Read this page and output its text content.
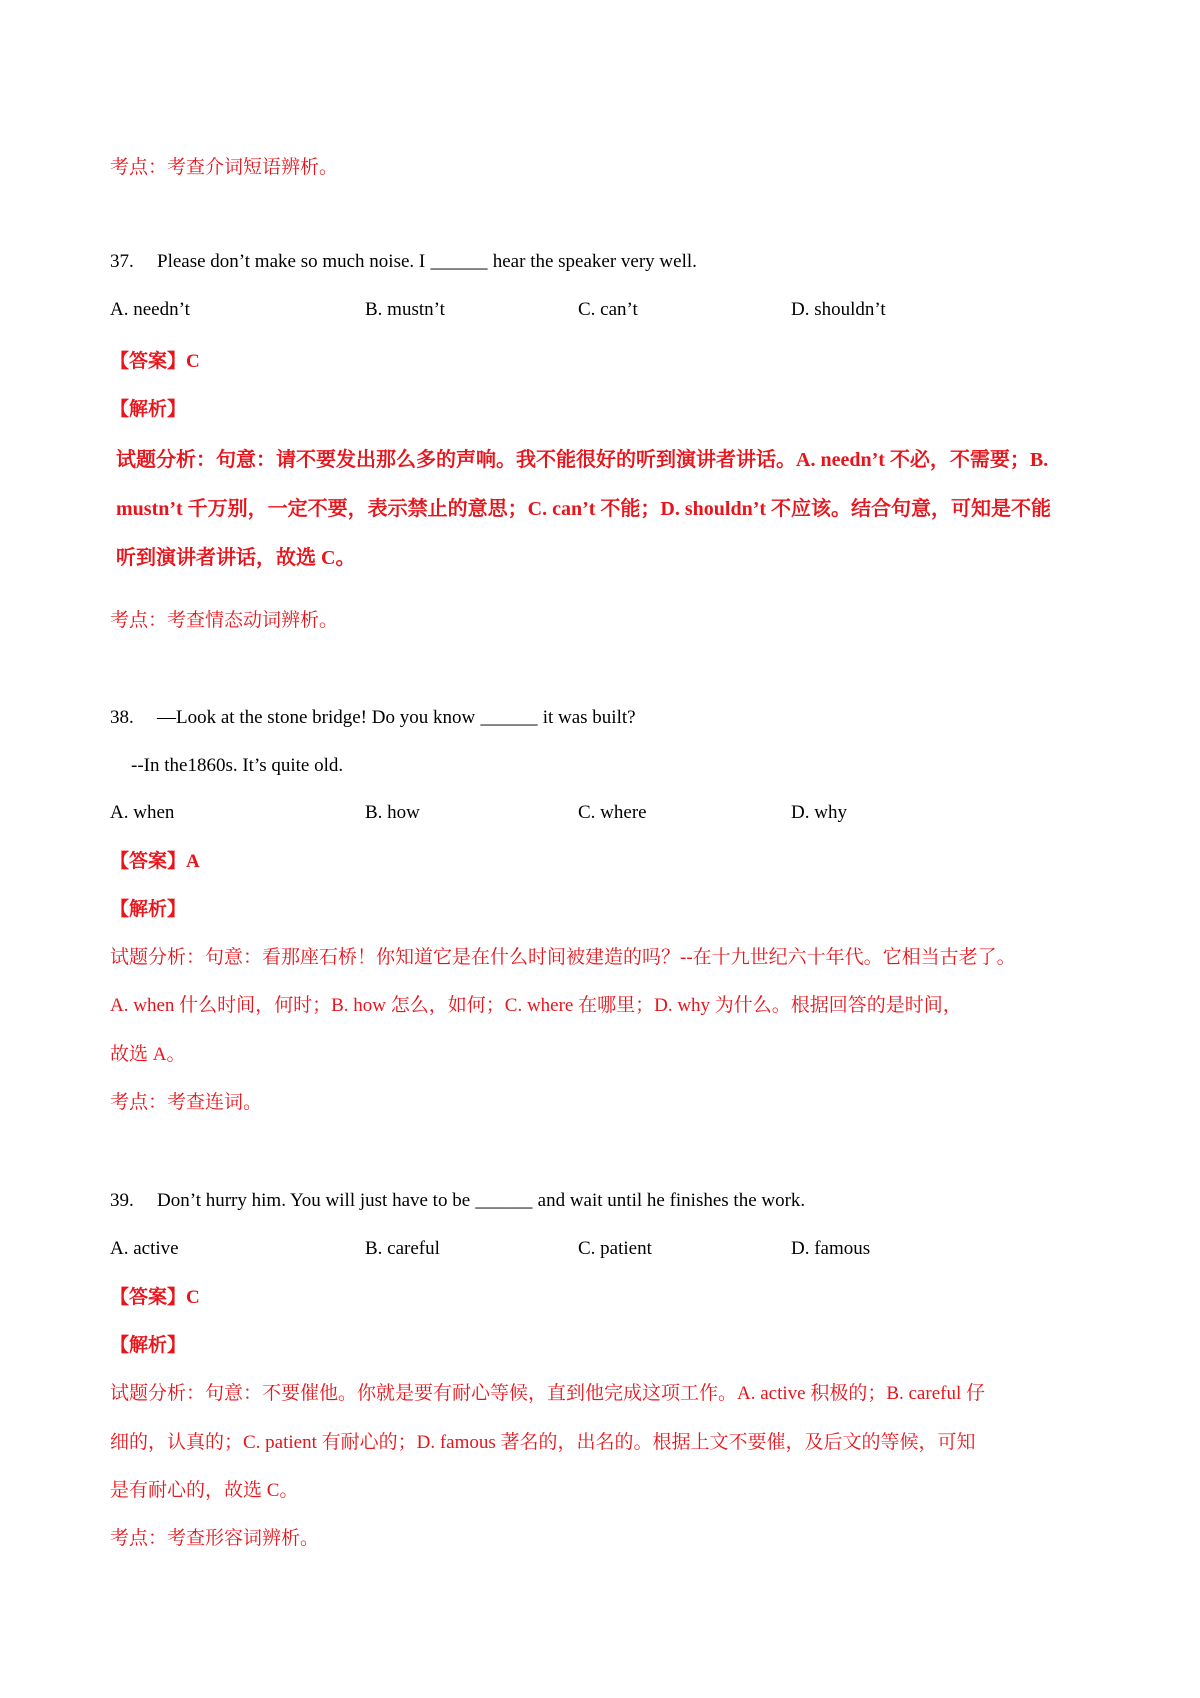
考点：考查介词短语辨析。
37. Please don’t make so much noise. I ______ hear the speaker very well.
A. needn’t	B. mustn’t	C. can’t	D. shouldn’t
【答案】C
【解析】
试题分析：句意：请不要发出那么多的声响。我不能很好的听到演讲者讲话。A. needn’t 不必，不需要；B.
mustn’t 千万别，一定不要，表示禁止的意思；C. can’t 不能；D. shouldn’t 不应该。结合句意，可知是不能
听到演讲者讲话，故选 C。
考点：考查情态动词辨析。
38. —Look at the stone bridge! Do you know ______ it was built?
--In the1860s. It’s quite old.
A. when	B. how	C. where	D. why
【答案】A
【解析】
试题分析：句意：看那座石桥！你知道它是在什么时间被建造的吗？--在十九世纪六十年代。它相当古老了。
A. when 什么时间，何时；B. how 怎么，如何；C. where 在哪里；D. why 为什么。根据回答的是时间，
故选 A。
考点：考查连词。
39. Don’t hurry him. You will just have to be ______ and wait until he finishes the work.
A. active	B. careful	C. patient	D. famous
【答案】C
【解析】
试题分析：句意：不要催他。你就是要有耐心等候，直到他完成这项工作。A. active 积极的；B. careful 仔
细的，认真的；C. patient 有耐心的；D. famous 著名的，出名的。根据上文不要催，及后文的等候，可知
是有耐心的，故选 C。
考点：考查形容词辨析。
